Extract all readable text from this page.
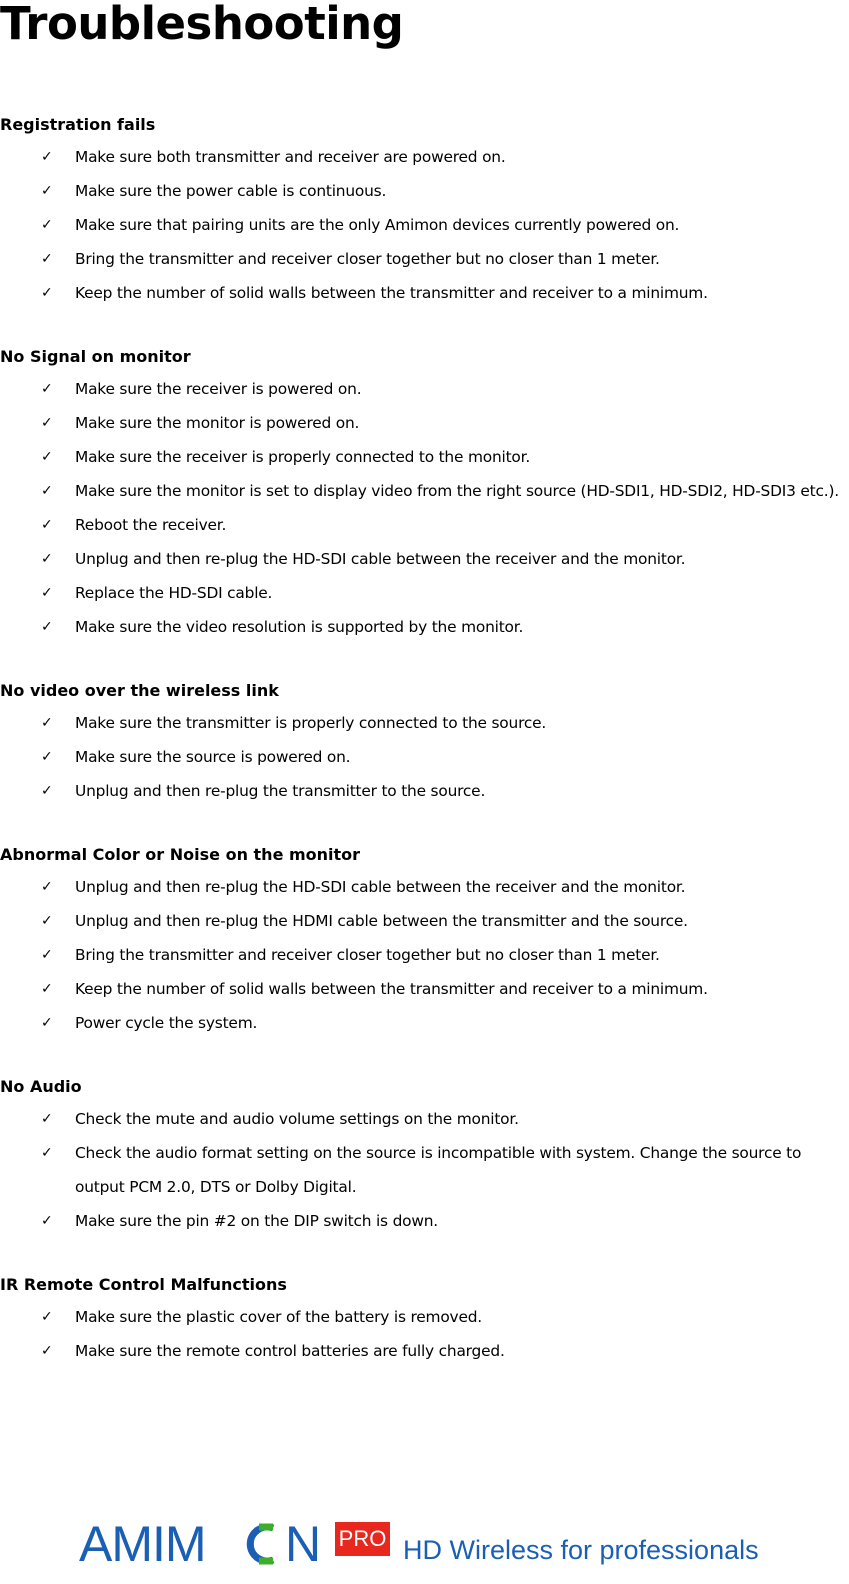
Troubleshooting
Registration fails
✓ Make sure both transmitter and receiver are powered on.
✓ Make sure the power cable is continuous.
✓ Make sure that pairing units are the only Amimon devices currently powered on.
✓ Bring the transmitter and receiver closer together but no closer than 1 meter.
✓ Keep the number of solid walls between the transmitter and receiver to a minimum.
No Signal on monitor
✓ Make sure the receiver is powered on.
✓ Make sure the monitor is powered on.
✓ Make sure the receiver is properly connected to the monitor.
✓ Make sure the monitor is set to display video from the right source (HD-SDI1, HD-SDI2, HD-SDI3 etc.).
✓ Reboot the receiver.
✓ Unplug and then re-plug the HD-SDI cable between the receiver and the monitor.
✓ Replace the HD-SDI cable.
✓ Make sure the video resolution is supported by the monitor.
No video over the wireless link
✓ Make sure the transmitter is properly connected to the source.
✓ Make sure the source is powered on.
✓ Unplug and then re-plug the transmitter to the source.
Abnormal Color or Noise on the monitor
✓ Unplug and then re-plug the HD-SDI cable between the receiver and the monitor.
✓ Unplug and then re-plug the HDMI cable between the transmitter and the source.
✓ Bring the transmitter and receiver closer together but no closer than 1 meter.
✓ Keep the number of solid walls between the transmitter and receiver to a minimum.
✓ Power cycle the system.
No Audio
✓ Check the mute and audio volume settings on the monitor.
✓ Check the audio format setting on the source is incompatible with system. Change the source to output PCM 2.0, DTS or Dolby Digital.
✓ Make sure the pin #2 on the DIP switch is down.
IR Remote Control Malfunctions
✓ Make sure the plastic cover of the battery is removed.
✓ Make sure the remote control batteries are fully charged.
AMIM N PRO HD Wireless for professionals
